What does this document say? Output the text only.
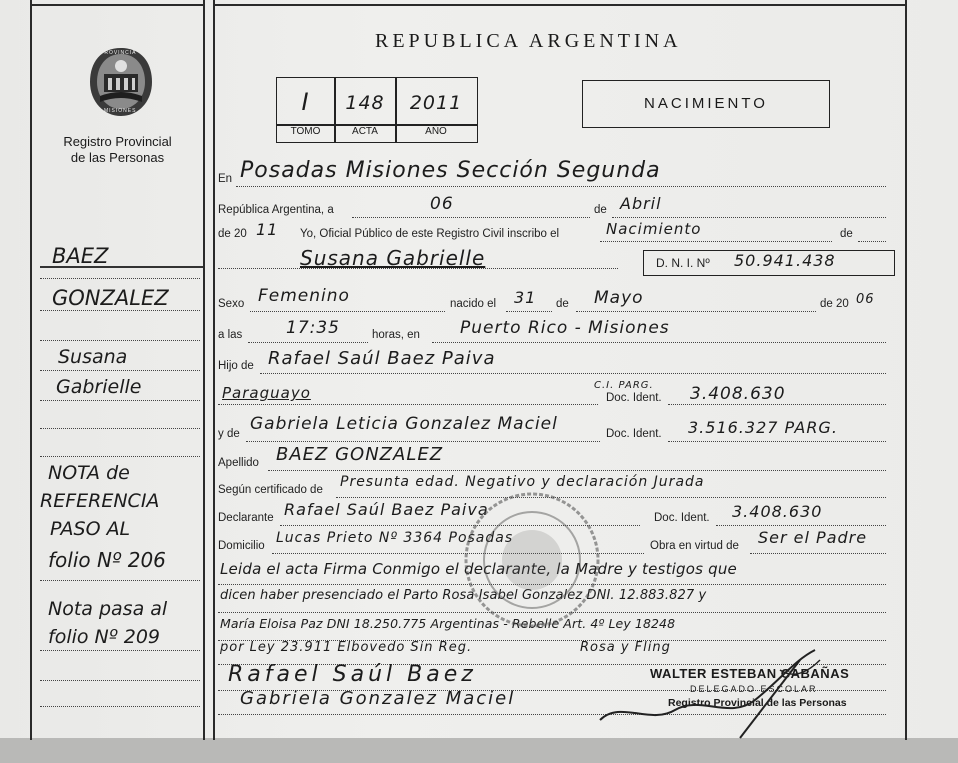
PROVINCIA
MISIONES
Registro Provincial
de las Personas
REPUBLICA ARGENTINA
I	148	2011
TOMO	ACTA	AÑO
NACIMIENTO
BAEZ
GONZALEZ
Susana
Gabrielle
NOTA de
REFERENCIA
PASO AL
folio Nº 206
Nota pasa al
folio Nº 209
En Posadas Misiones Sección Segunda
República Argentina, a	06	de Abril
de 20 11 Yo, Oficial Público de este Registro Civil inscribo el	Nacimiento	de
Susana Gabrielle	D. N. I. Nº 50.941.438
Sexo Femenino	nacido el 31 de Mayo	de 20 06
a las	17:35	horas, en Puerto Rico - Misiones
Hijo de Rafael Saúl Baez Paiva
Paraguayo	C.I. PARG.
Doc. Ident. 3.408.630
y de Gabriela Leticia Gonzalez Maciel	Doc. Ident. 3.516.327 PARG.
Apellido BAEZ GONZALEZ
Según certificado de Presunta edad. Negativo y declaración Jurada
Declarante Rafael Saúl Baez Paiva	Doc. Ident. 3.408.630
Domicilio Lucas Prieto Nº 3364 Posadas	Obra en virtud de Ser el Padre
Leida el acta Firma Conmigo el declarante, la Madre y testigos que
dicen haber presenciado el Parto Rosa Isabel Gonzalez DNI. 12.883.827 y
María Eloisa Paz DNI 18.250.775 Argentinas - Rebelle Art. 4º Ley 18248
por Ley 23.911 Elbovedo Sin Reg.	Rosa y Fling
Rafael Saúl Baez
Gabriela Gonzalez Maciel
WALTER ESTEBAN CABAÑAS
DELEGADO ESCOLAR
Registro Provincial de las Personas
